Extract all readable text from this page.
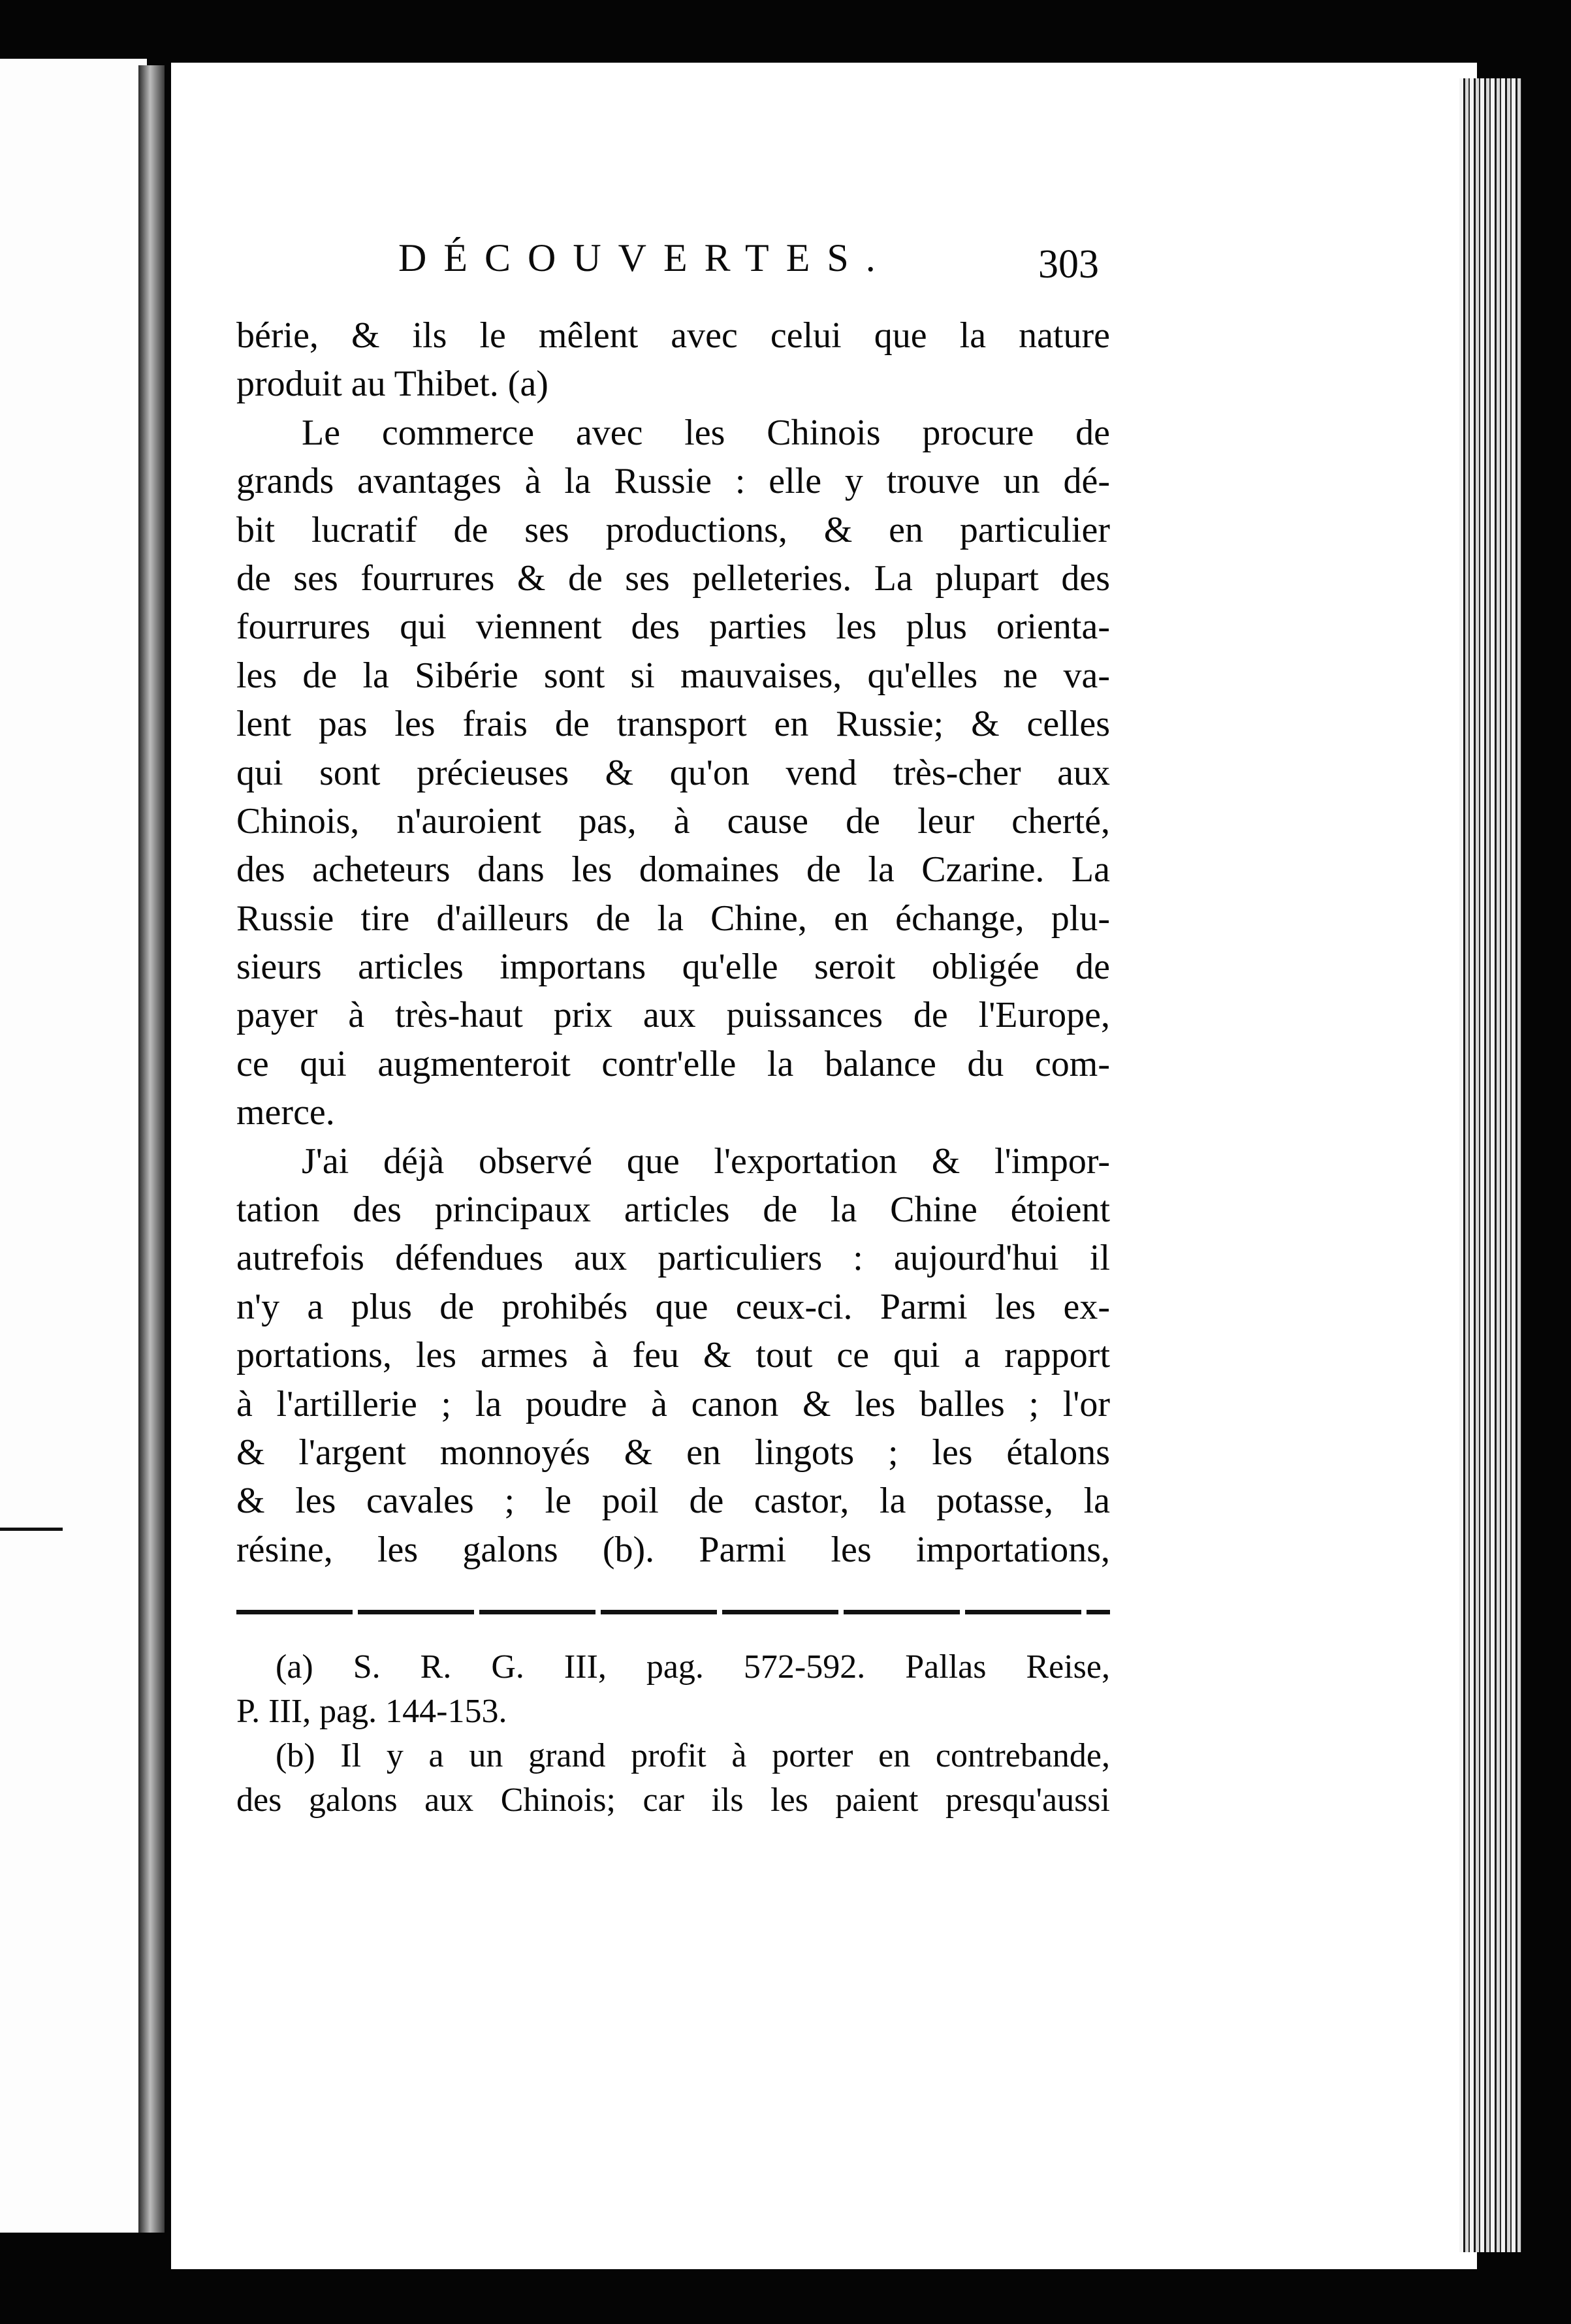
DÉCOUVERTES.	303

bérie, & ils le mêlent avec celui que la nature
produit au Thibet. (a)
Le commerce avec les Chinois procure de
grands avantages à la Russie : elle y trouve un dé-
bit lucratif de ses productions, & en particulier
de ses fourrures & de ses pelleteries. La plupart des
fourrures qui viennent des parties les plus orienta-
les de la Sibérie sont si mauvaises, qu'elles ne va-
lent pas les frais de transport en Russie; & celles
qui sont précieuses & qu'on vend très-cher aux
Chinois, n'auroient pas, à cause de leur cherté,
des acheteurs dans les domaines de la Czarine. La
Russie tire d'ailleurs de la Chine, en échange, plu-
sieurs articles importans qu'elle seroit obligée de
payer à très-haut prix aux puissances de l'Europe,
ce qui augmenteroit contr'elle la balance du com-
merce.
J'ai déjà observé que l'exportation & l'impor-
tation des principaux articles de la Chine étoient
autrefois défendues aux particuliers : aujourd'hui il
n'y a plus de prohibés que ceux-ci. Parmi les ex-
portations, les armes à feu & tout ce qui a rapport
à l'artillerie ; la poudre à canon & les balles ; l'or
& l'argent monnoyés & en lingots ; les étalons
& les cavales ; le poil de castor, la potasse, la
résine, les galons (b). Parmi les importations,
(a) S. R. G. III, pag. 572-592. Pallas Reise,
P. III, pag. 144-153.
(b) Il y a un grand profit à porter en contrebande,
des galons aux Chinois; car ils les paient presqu'aussi
